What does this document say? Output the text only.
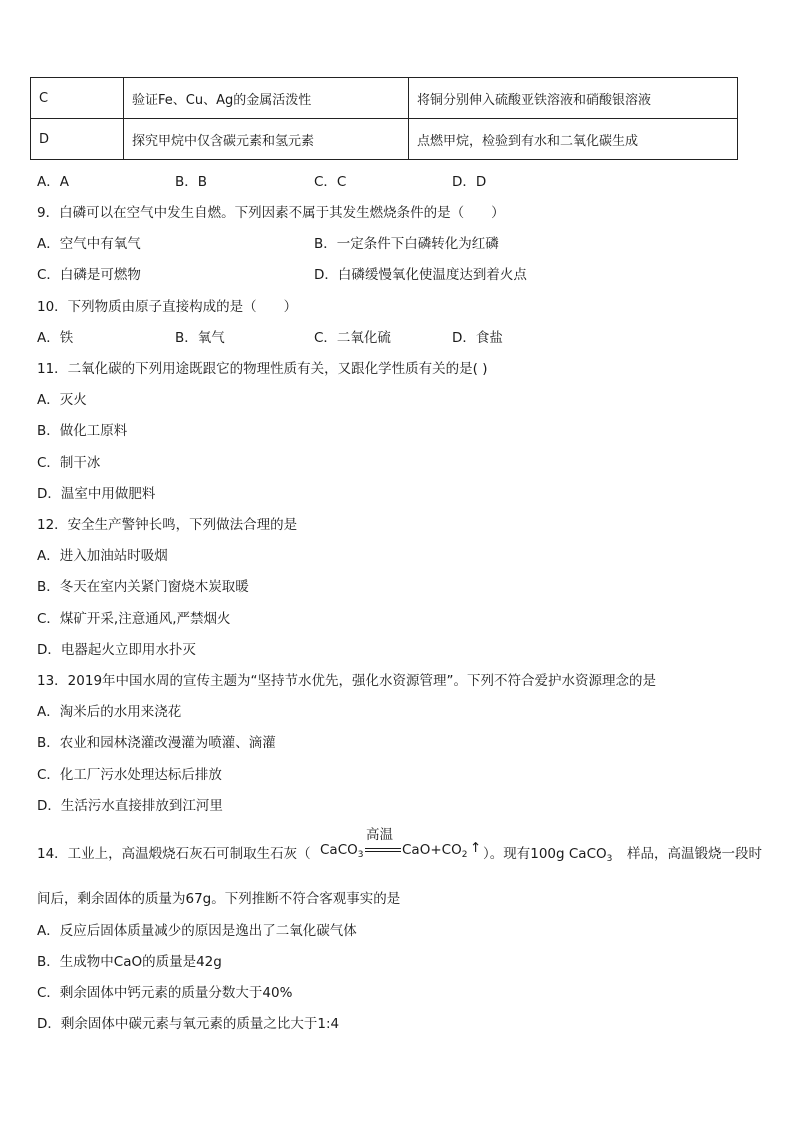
C	验证Fe、Cu、Ag的金属活泼性	将铜分别伸入硫酸亚铁溶液和硝酸银溶液
D	探究甲烷中仅含碳元素和氢元素	点燃甲烷，检验到有水和二氧化碳生成
A．A	B．B	C．C	D．D
9．白磷可以在空气中发生自燃。下列因素不属于其发生燃烧条件的是（　　）
A．空气中有氧气	B．一定条件下白磷转化为红磷
C．白磷是可燃物	D．白磷缓慢氧化使温度达到着火点
10．下列物质由原子直接构成的是（　　）
A．铁	B．氧气	C．二氧化硫	D．食盐
11．二氧化碳的下列用途既跟它的物理性质有关，又跟化学性质有关的是( )
A．灭火
B．做化工原料
C．制干冰
D．温室中用做肥料
12．安全生产警钟长鸣，下列做法合理的是
A．进入加油站时吸烟
B．冬天在室内关紧门窗烧木炭取暖
C．煤矿开采,注意通风,严禁烟火
D．电器起火立即用水扑灭
13．2019年中国水周的宣传主题为“坚持节水优先，强化水资源管理”。下列不符合爱护水资源理念的是
A．淘米后的水用来浇花
B．农业和园林浇灌改漫灌为喷灌、滴灌
C．化工厂污水处理达标后排放
D．生活污水直接排放到江河里
14．工业上，高温煅烧石灰石可制取生石灰（ CaCO$_3$
高温
$CaO+CO_2$ ↑ ）。现有100g CaCO$_3$ 样品，高温锻烧一段时
间后，剩余固体的质量为67g。下列推断不符合客观事实的是
A．反应后固体质量减少的原因是逸出了二氧化碳气体
B．生成物中CaO的质量是42g
C．剩余固体中钙元素的质量分数大于40%
D．剩余固体中碳元素与氧元素的质量之比大于1:4
